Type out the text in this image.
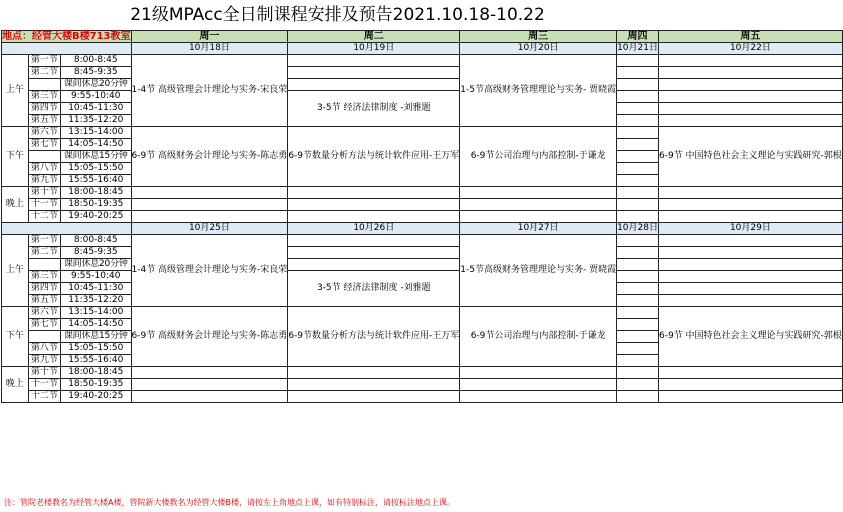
21级MPAcc全日制课程安排及预告2021.10.18-10.22
地点：经管大楼B楼713教室			周一	周二	周三	周四	周五
			10月18日	10月19日	10月20日	10月21日	10月22日
上午	第一节	8:00-8:45	1-4节 高级管理会计理论与实务-宋良荣		1-5节高级财务管理理论与实务- 贾晓霞		
	第二节	8:45-9:35					
		课间休息20分钟					
	第三节	9:55-10:40		3-5节 经济法律制度 -刘雅题			
	第四节	10:45-11:30					
	第五节	11:35-12:20					
下午	第六节	13:15-14:00	6-9节 高级财务会计理论与实务-陈志勇	6-9节数量分析方法与统计软件应用-王万军	6-9节公司治理与内部控制-于谦龙		6-9节 中国特色社会主义理论与实践研究-郭根
	第七节	14:05-14:50					
		课间休息15分钟					
	第八节	15:05-15:50					
	第九节	15:55-16:40					
晚上	第十节	18:00-18:45					
	十一节	18:50-19:35					
	十二节	19:40-20:25					
			10月25日	10月26日	10月27日	10月28日	10月29日
上午	第一节	8:00-8:45	1-4节 高级管理会计理论与实务-宋良荣		1-5节高级财务管理理论与实务- 贾晓霞		
	第二节	8:45-9:35					
		课间休息20分钟					
	第三节	9:55-10:40		3-5节 经济法律制度 -刘雅题			
	第四节	10:45-11:30					
	第五节	11:35-12:20					
下午	第六节	13:15-14:00	6-9节 高级财务会计理论与实务-陈志勇	6-9节数量分析方法与统计软件应用-王万军	6-9节公司治理与内部控制-于谦龙		6-9节 中国特色社会主义理论与实践研究-郭根
	第七节	14:05-14:50					
		课间休息15分钟					
	第八节	15:05-15:50					
	第九节	15:55-16:40					
晚上	第十节	18:00-18:45					
	十一节	18:50-19:35					
	十二节	19:40-20:25					
注：管院老楼教名为经管大楼A楼，管院新大楼教名为经管大楼B楼，请按左上角地点上课，如有特别标注，请按标注地点上课。
